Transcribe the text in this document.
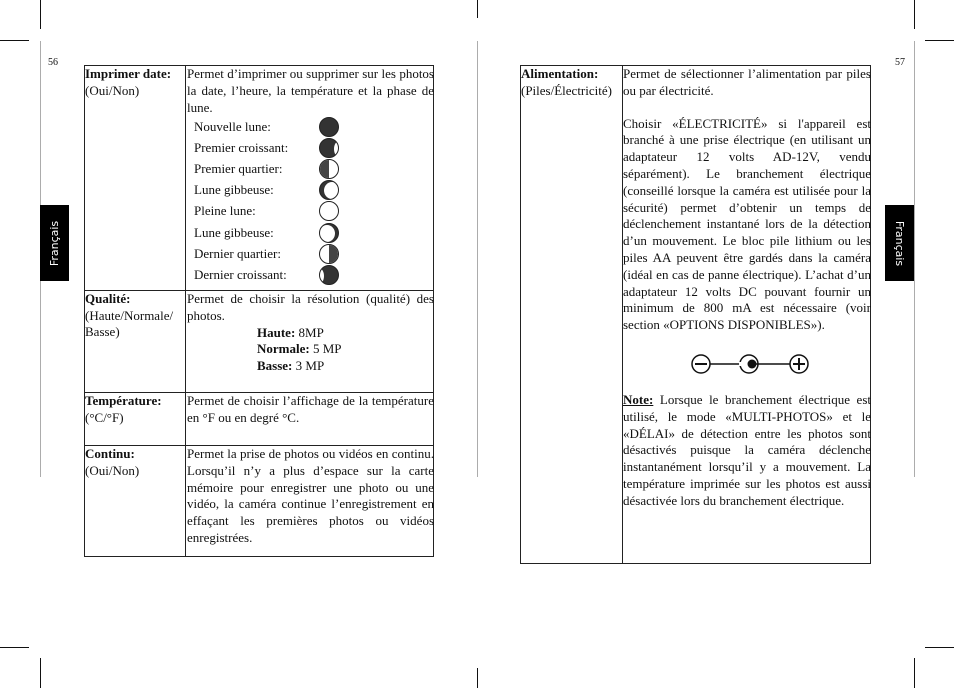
56	57
Français	Français
Imprimer date:
(Oui/Non)

Permet d’imprimer ou supprimer sur les photos la date, l’heure, la température et la phase de lune.

Nouvelle lune:
Premier croissant:
Premier quartier:
Lune gibbeuse:
Pleine lune:
Lune gibbeuse:
Dernier quartier:
Dernier croissant:
Qualité:
(Haute/Normale/ Basse)

Permet de choisir la résolution (qualité) des photos.

Haute: 8MP

Normale: 5 MP

Basse: 3 MP

Température:
(°C/°F)

Permet de choisir l’affichage de la température en °F ou en degré °C.

Continu:
(Oui/Non)

Permet la prise de photos ou vidéos en continu. Lorsqu’il n’y a plus d’espace sur la carte mémoire pour enregistrer une photo ou une vidéo, la caméra continue l’enregistrement en effaçant les premières photos ou vidéos enregistrées.

Alimentation:
(Piles/Électricité)

Permet de sélectionner l’alimentation par piles ou par électricité.

Choisir «ÉLECTRICITÉ» si l'appareil est branché à une prise électrique (en utilisant un adaptateur 12 volts AD-12V, vendu séparément). Le branchement électrique (conseillé lorsque la caméra est utilisée pour la sécurité) permet d’obtenir un temps de déclenchement instantané lors de la détection d’un mouvement. Le bloc pile lithium ou les piles AA peuvent être gardés dans la caméra (idéal en cas de panne électrique). L’achat d’un adaptateur 12 volts DC pouvant fournir un minimum de 800 mA est nécessaire (voir section «OPTIONS DISPONIBLES»).

Note: Lorsque le branchement électrique est utilisé, le mode «MULTI-PHOTOS» et le «DÉLAI» de détection entre les photos sont désactivés puisque la caméra déclenche instantanément lorsqu’il y a mouvement. La température imprimée sur les photos est aussi désactivée lors du branchement électrique.
